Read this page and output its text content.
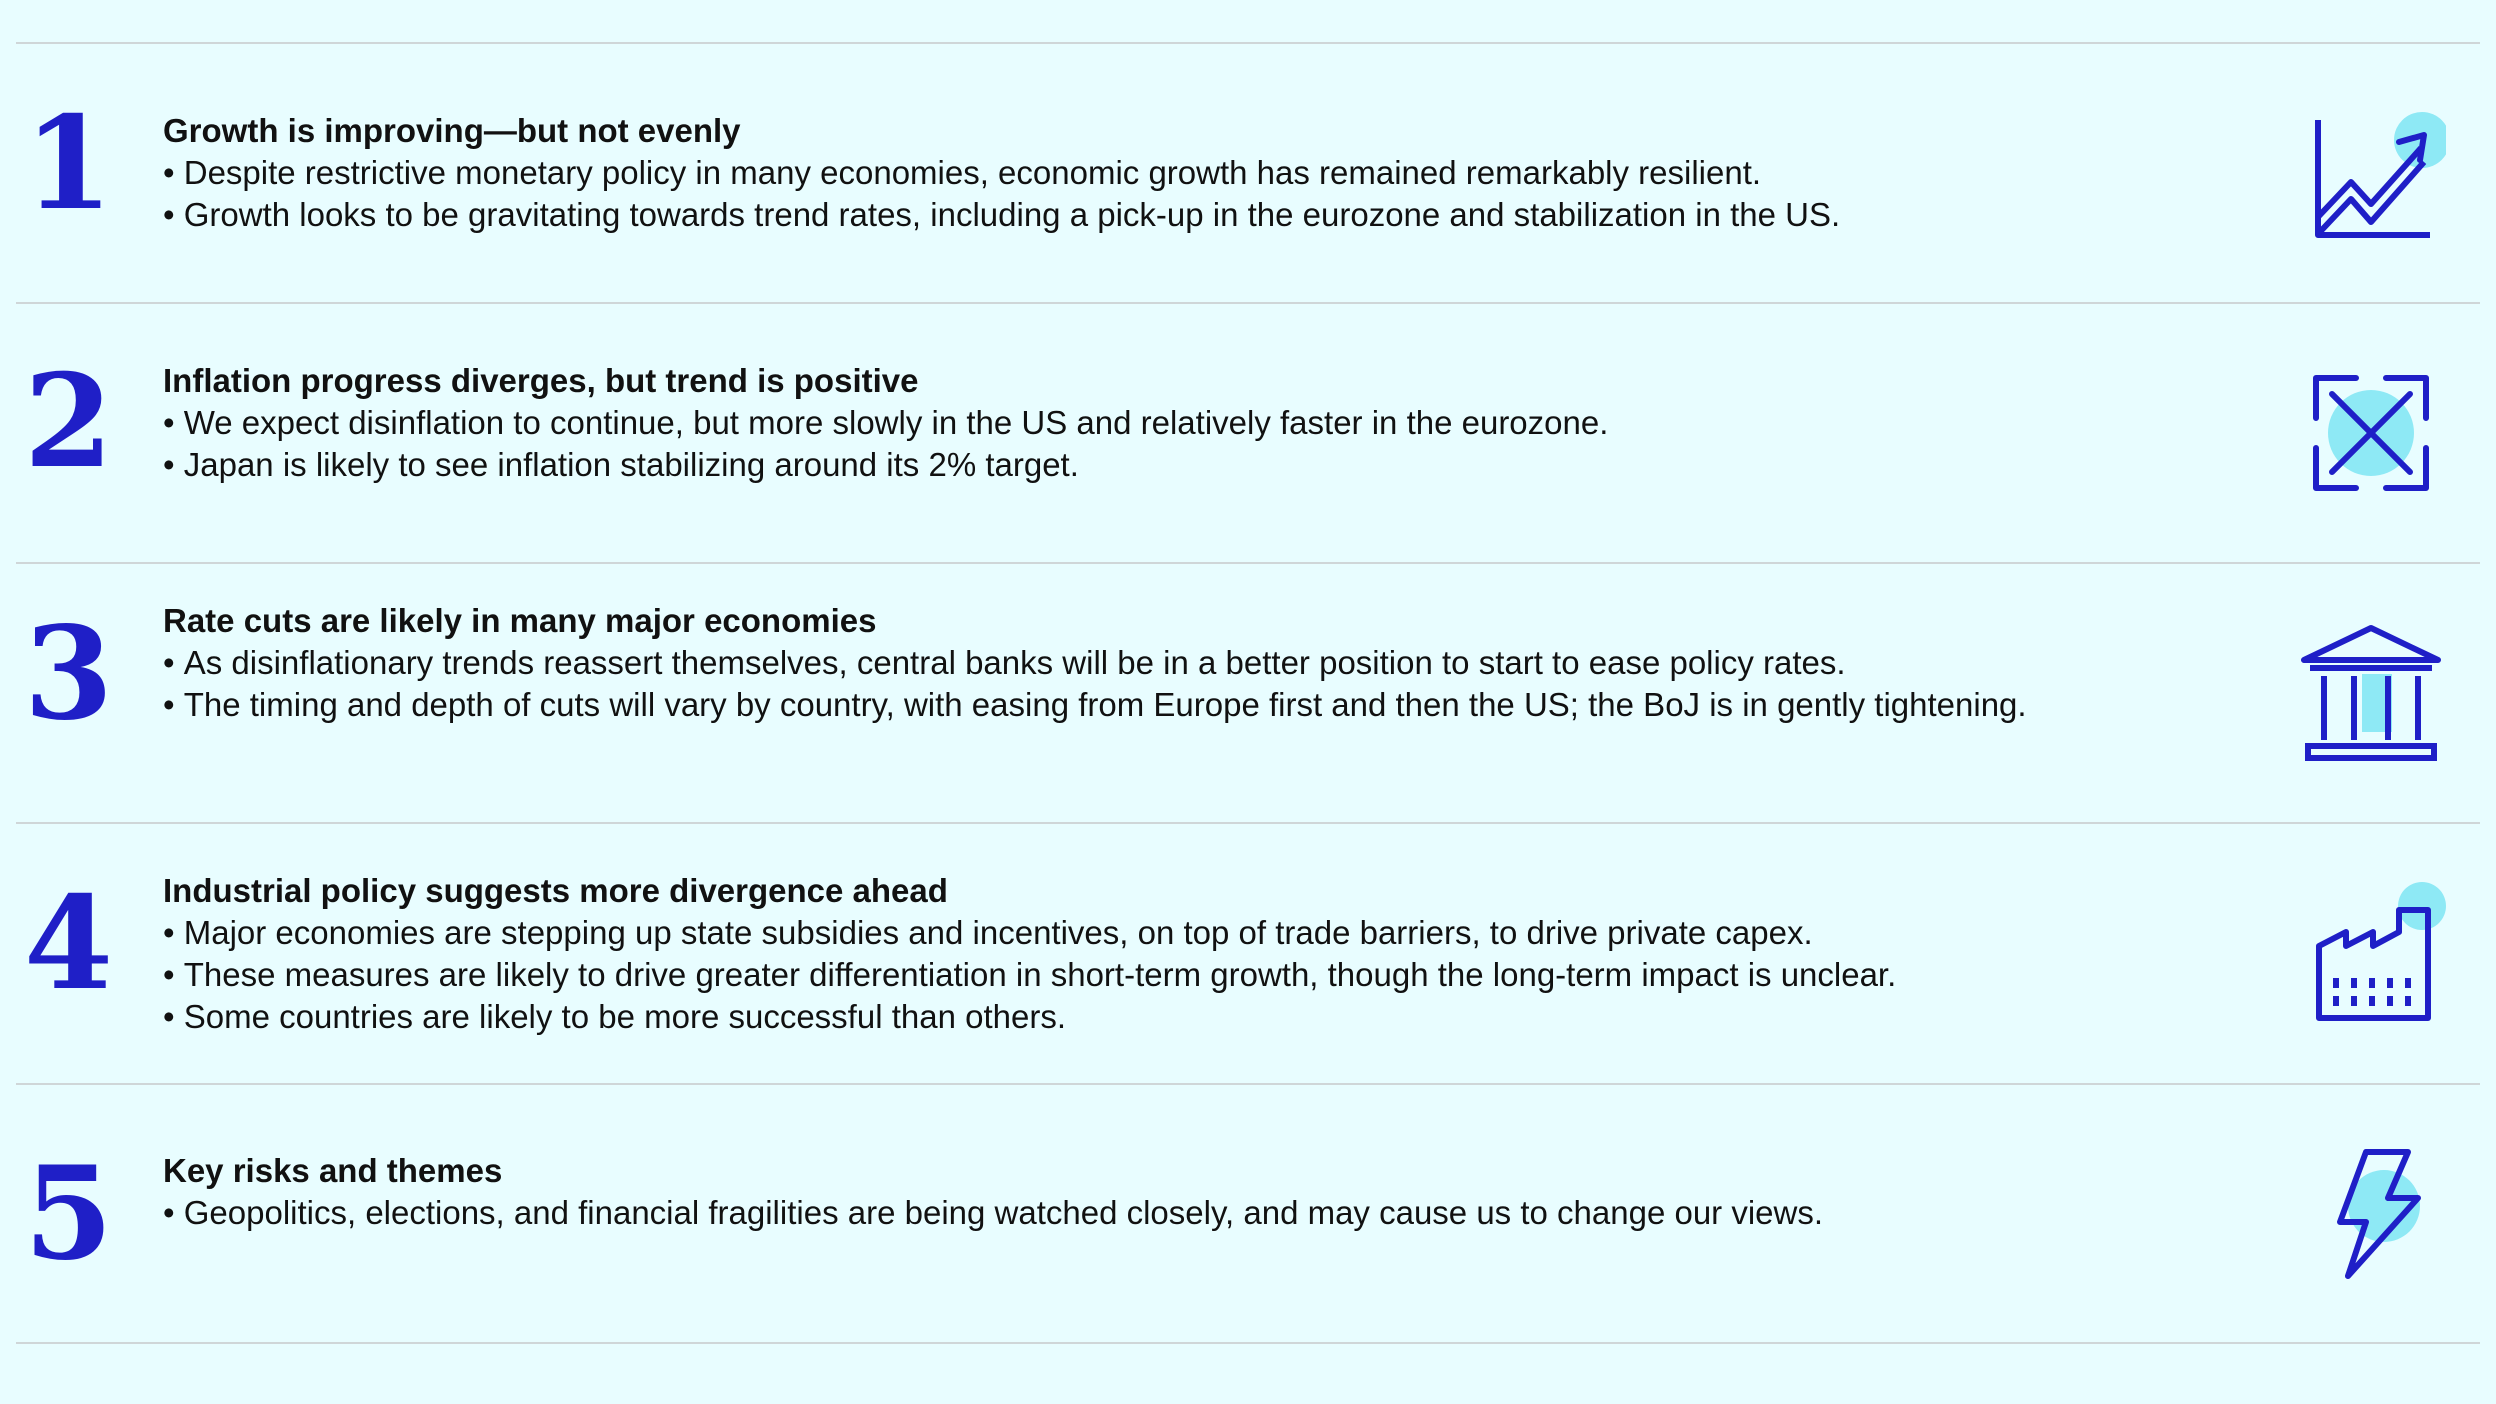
1	Growth is improving—but not evenly

• Despite restrictive monetary policy in many economies, economic growth has remained remarkably resilient.

• Growth looks to be gravitating towards trend rates, including a pick-up in the eurozone and stabilization in the US.

2	Inflation progress diverges, but trend is positive

• We expect disinflation to continue, but more slowly in the US and relatively faster in the eurozone.

• Japan is likely to see inflation stabilizing around its 2% target.

3	Rate cuts are likely in many major economies

• As disinflationary trends reassert themselves, central banks will be in a better position to start to ease policy rates.

• The timing and depth of cuts will vary by country, with easing from Europe first and then the US; the BoJ is in gently tightening.

4	Industrial policy suggests more divergence ahead

• Major economies are stepping up state subsidies and incentives, on top of trade barriers, to drive private capex.

• These measures are likely to drive greater differentiation in short-term growth, though the long-term impact is unclear.

• Some countries are likely to be more successful than others.

5	Key risks and themes

• Geopolitics, elections, and financial fragilities are being watched closely, and may cause us to change our views.
